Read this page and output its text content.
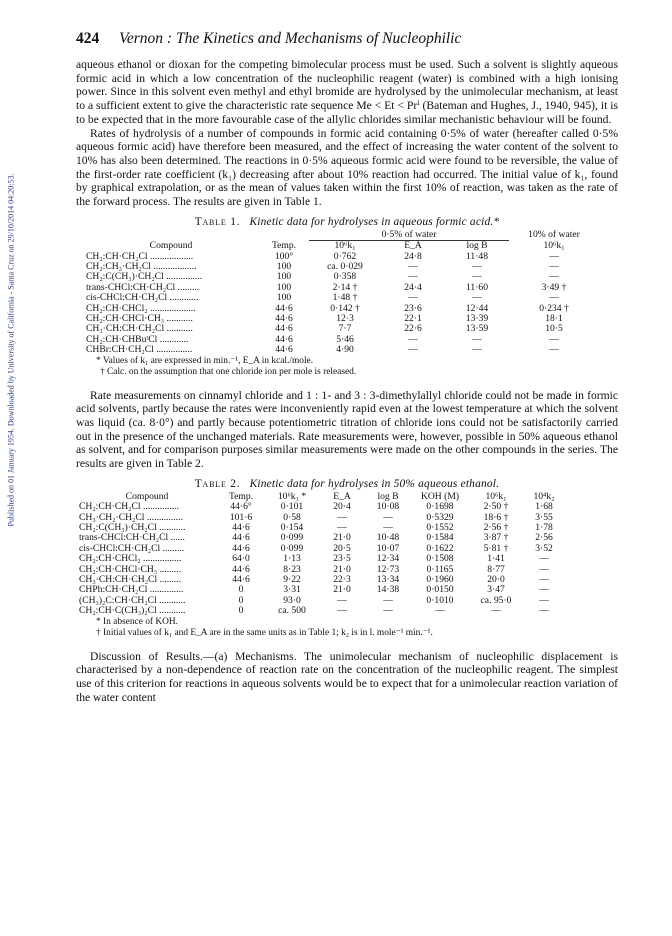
Published on 01 January 1954. Downloaded by University of California - Santa Cruz on 29/10/2014 04:20:53.
424 Vernon : The Kinetics and Mechanisms of Nucleophilic

aqueous ethanol or dioxan for the competing bimolecular process must be used. Such a solvent is slightly aqueous formic acid in which a low concentration of the nucleophilic reagent (water) is combined with a high ionising power. Since in this solvent even methyl and ethyl bromide are hydrolysed by the unimolecular mechanism, at least to a sufficient extent to give the characteristic rate sequence Me < Et < Prⁱ (Bateman and Hughes, J., 1940, 945), it is to be expected that in the more favourable case of the allylic chlorides similar mechanistic behaviour will be found.

Rates of hydrolysis of a number of compounds in formic acid containing 0·5% of water (hereafter called 0·5% aqueous formic acid) have therefore been measured, and the effect of increasing the water content of the solvent to 10% has also been determined. The reactions in 0·5% aqueous formic acid were found to be reversible, the value of the first-order rate coefficient (k₁) decreasing after about 10% reaction had occurred. The initial value of k₁, found by graphical extrapolation, or as the mean of values taken within the first 10% of reaction, was taken as the rate of the forward process. The results are given in Table 1.

Table 1. Kinetic data for hydrolyses in aqueous formic acid.*
		0·5% of water			10% of water
Compound	Temp.	10⁶k₁	E_A	log B	10⁶k₁
CH₂:CH·CH₂Cl ..................	100°	0·762	24·8	11·48	—
CH₂:CH₂·CH₂Cl ..................	100	ca. 0·029	—	—	—
CH₂:C(CH₃)·CH₂Cl ...............	100	0·358	—	—	—
trans-CHCl:CH·CH₂Cl .........	100	2·14 †	24·4	11·60	3·49 †
cis-CHCl:CH·CH₂Cl ............	100	1·48 †	—	—	—
CH₂:CH·CHCl₂ ...................	44·6	0·142 †	23·6	12·44	0·234 †
CH₂:CH·CHCl·CH₃ ...........	44·6	12·3	22·1	13·39	18·1
CH₃·CH:CH·CH₂Cl ...........	44·6	7·7	22·6	13·59	10·5
CH₂:CH·CHBuᵗCl ............	44·6	5·46	—	—	—
CHBr:CH·CH₂Cl ...............	44·6	4·90	—	—	—
* Values of k₁ are expressed in min.⁻¹, E_A in kcal./mole.
† Calc. on the assumption that one chloride ion per mole is released.

Rate measurements on cinnamyl chloride and 1 : 1- and 3 : 3-dimethylallyl chloride could not be made in formic acid solvents, partly because the rates were inconveniently rapid even at the lowest temperature at which the solvent was liquid (ca. 8·0°) and partly because potentiometric titration of chloride ions could not be satisfactorily carried out in the presence of the unchanged materials. Rate measurements were, however, possible in 50% aqueous ethanol as solvent, and for comparison purposes similar measurements were made on the other compounds in the series. The results are given in Table 2.

Table 2. Kinetic data for hydrolyses in 50% aqueous ethanol.
Compound	Temp.	10⁶k₁ *	E_A	log B	KOH (M)	10⁶k₁	10⁴k₂
CH₂:CH·CH₂Cl ...............	44·6°	0·101	20·4	10·08	0·1698	2·50 †	1·68
CH₃·CH₂·CH₂Cl ...............	101·6	0·58	—	—	0·5329	18·6 †	3·55
CH₂:C(CH₃)·CH₂Cl ...........	44·6	0·154	—	—	0·1552	2·56 †	1·78
trans-CHCl:CH·CH₂Cl ......	44·6	0·099	21·0	10·48	0·1584	3·87 †	2·56
cis-CHCl:CH·CH₂Cl .........	44·6	0·099	20·5	10·07	0·1622	5·81 †	3·52
CH₂:CH·CHCl₂ ................	64·0	1·13	23·5	12·34	0·1508	1·41	—
CH₂:CH·CHCl·CH₃ .........	44·6	8·23	21·0	12·73	0·1165	8·77	—
CH₃·CH:CH·CH₂Cl .........	44·6	9·22	22·3	13·34	0·1960	20·0	—
CHPh:CH·CH₂Cl ..............	0	3·31	21·0	14·38	0·0150	3·47	—
(CH₃)₂C:CH·CH₂Cl ...........	0	93·0	—	—	0·1010	ca. 95·0	—
CH₂:CH·C(CH₃)₂Cl ...........	0	ca. 500	—	—	—	—	—
* In absence of KOH.
† Initial values of k₁ and E_A are in the same units as in Table 1; k₂ is in l. mole⁻¹ min.⁻¹.

Discussion of Results.—(a) Mechanisms. The unimolecular mechanism of nucleophilic displacement is characterised by a non-dependence of reaction rate on the concentration of the nucleophilic reagent. The simplest use of this criterion for reactions in aqueous solvents would be to expect that for a unimolecular reaction variation of the water content
